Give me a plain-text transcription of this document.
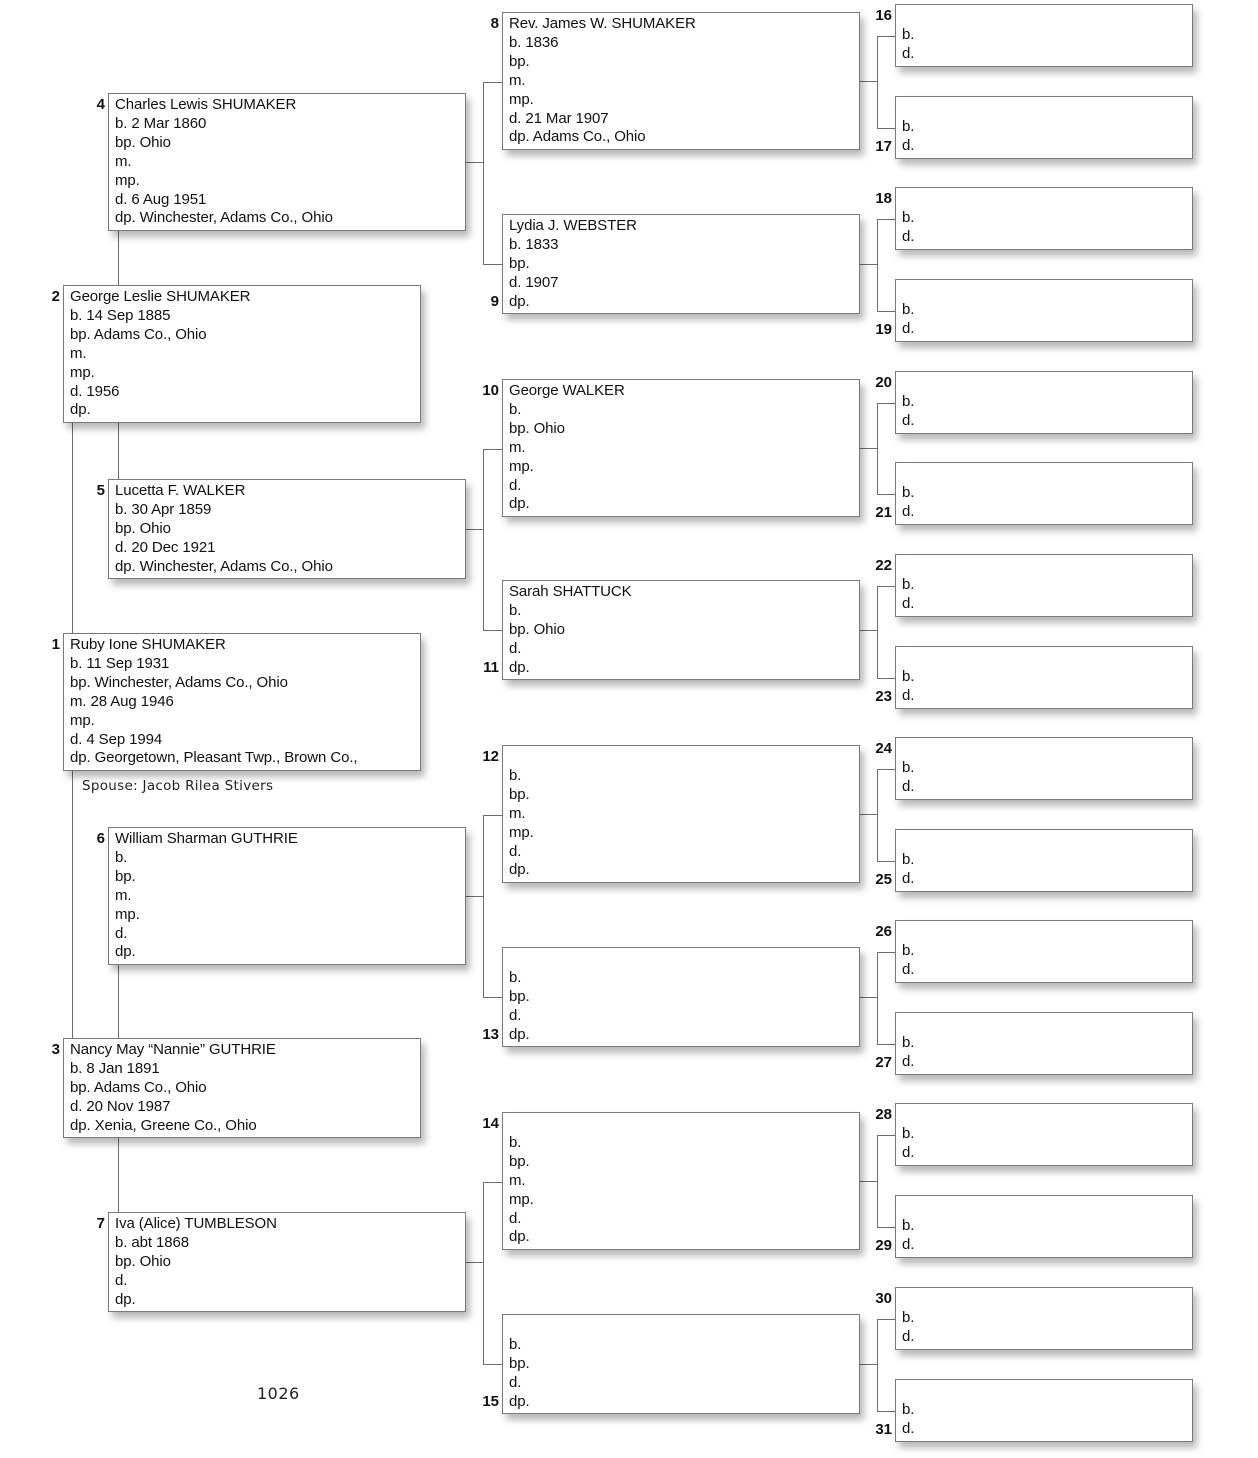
Ruby Ione SHUMAKER
b. 11 Sep 1931
bp. Winchester, Adams Co., Ohio
m. 28 Aug 1946
mp.
d. 4 Sep 1994
dp. Georgetown, Pleasant Twp., Brown Co.,
1
George Leslie SHUMAKER
b. 14 Sep 1885
bp. Adams Co., Ohio
m.
mp.
d. 1956
dp.
2
Nancy May “Nannie” GUTHRIE
b. 8 Jan 1891
bp. Adams Co., Ohio
d. 20 Nov 1987
dp. Xenia, Greene Co., Ohio
3
Charles Lewis SHUMAKER
b. 2 Mar 1860
bp. Ohio
m.
mp.
d. 6 Aug 1951
dp. Winchester, Adams Co., Ohio
4
Lucetta F. WALKER
b. 30 Apr 1859
bp. Ohio
d. 20 Dec 1921
dp. Winchester, Adams Co., Ohio
5
William Sharman GUTHRIE
b.
bp.
m.
mp.
d.
dp.
6
Iva (Alice) TUMBLESON
b. abt 1868
bp. Ohio
d.
dp.
7
Rev. James W. SHUMAKER
b. 1836
bp.
m.
mp.
d. 21 Mar 1907
dp. Adams Co., Ohio
8
Lydia J. WEBSTER
b. 1833
bp.
d. 1907
dp.
9
George WALKER
b.
bp. Ohio
m.
mp.
d.
dp.
10
Sarah SHATTUCK
b.
bp. Ohio
d.
dp.
11

b.
bp.
m.
mp.
d.
dp.
12

b.
bp.
d.
dp.
13

b.
bp.
m.
mp.
d.
dp.
14

b.
bp.
d.
dp.
15

b.
d.
16

b.
d.
17

b.
d.
18

b.
d.
19

b.
d.
20

b.
d.
21

b.
d.
22

b.
d.
23

b.
d.
24

b.
d.
25

b.
d.
26

b.
d.
27

b.
d.
28

b.
d.
29

b.
d.
30

b.
d.
31
Spouse: Jacob Rilea Stivers
1026
